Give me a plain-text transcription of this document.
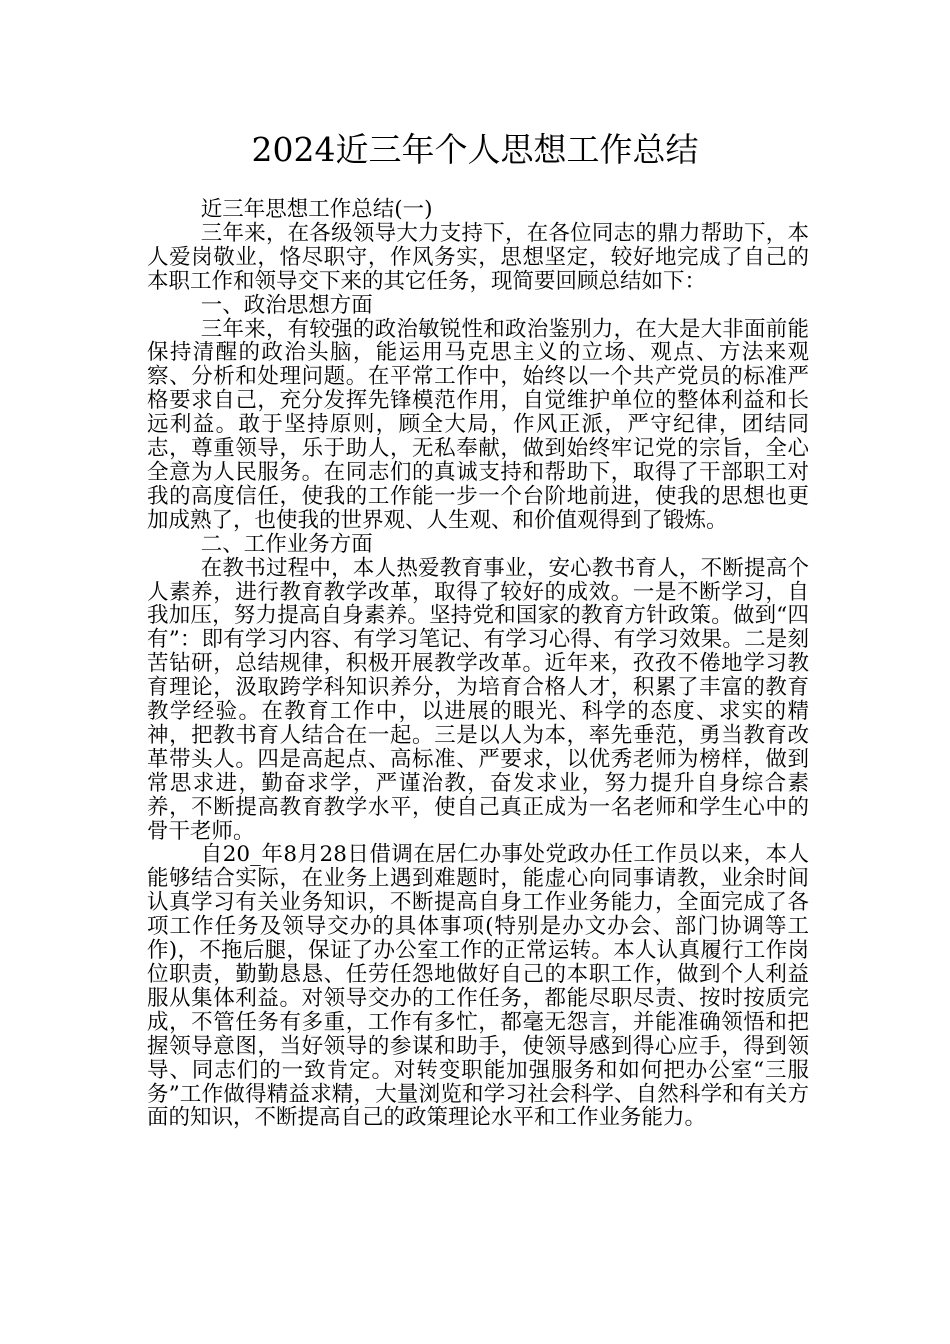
2024近三年个人思想工作总结

近三年思想工作总结(一)

三年来，在各级领导大力支持下，在各位同志的鼎力帮助下，本人爱岗敬业，恪尽职守，作风务实，思想坚定，较好地完成了自己的本职工作和领导交下来的其它任务，现简要回顾总结如下：

一、政治思想方面

三年来，有较强的政治敏锐性和政治鉴别力，在大是大非面前能保持清醒的政治头脑，能运用马克思主义的立场、观点、方法来观察、分析和处理问题。在平常工作中，始终以一个共产党员的标准严格要求自己，充分发挥先锋模范作用，自觉维护单位的整体利益和长远利益。敢于坚持原则，顾全大局，作风正派，严守纪律，团结同志，尊重领导，乐于助人，无私奉献，做到始终牢记党的宗旨，全心全意为人民服务。在同志们的真诚支持和帮助下，取得了干部职工对我的高度信任，使我的工作能一步一个台阶地前进，使我的思想也更加成熟了，也使我的世界观、人生观、和价值观得到了锻炼。

二、工作业务方面

在教书过程中，本人热爱教育事业，安心教书育人，不断提高个人素养，进行教育教学改革，取得了较好的成效。一是不断学习，自我加压，努力提高自身素养。坚持党和国家的教育方针政策。做到“四有”：即有学习内容、有学习笔记、有学习心得、有学习效果。二是刻苦钻研，总结规律，积极开展教学改革。近年来，孜孜不倦地学习教育理论，汲取跨学科知识养分，为培育合格人才，积累了丰富的教育教学经验。在教育工作中，以进展的眼光、科学的态度、求实的精神，把教书育人结合在一起。三是以人为本，率先垂范，勇当教育改革带头人。四是高起点、高标准、严要求，以优秀老师为榜样，做到常思求进，勤奋求学，严谨治教，奋发求业，努力提升自身综合素养，不断提高教育教学水平，使自己真正成为一名老师和学生心中的骨干老师。

自20_年8月28日借调在居仁办事处党政办任工作员以来，本人能够结合实际，在业务上遇到难题时，能虚心向同事请教，业余时间认真学习有关业务知识，不断提高自身工作业务能力，全面完成了各项工作任务及领导交办的具体事项(特别是办文办会、部门协调等工作)，不拖后腿，保证了办公室工作的正常运转。本人认真履行工作岗位职责，勤勤恳恳、任劳任怨地做好自己的本职工作，做到个人利益服从集体利益。对领导交办的工作任务，都能尽职尽责、按时按质完成，不管任务有多重，工作有多忙，都毫无怨言，并能准确领悟和把握领导意图，当好领导的参谋和助手，使领导感到得心应手，得到领导、同志们的一致肯定。对转变职能加强服务和如何把办公室“三服务”工作做得精益求精，大量浏览和学习社会科学、自然科学和有关方面的知识，不断提高自己的政策理论水平和工作业务能力。
